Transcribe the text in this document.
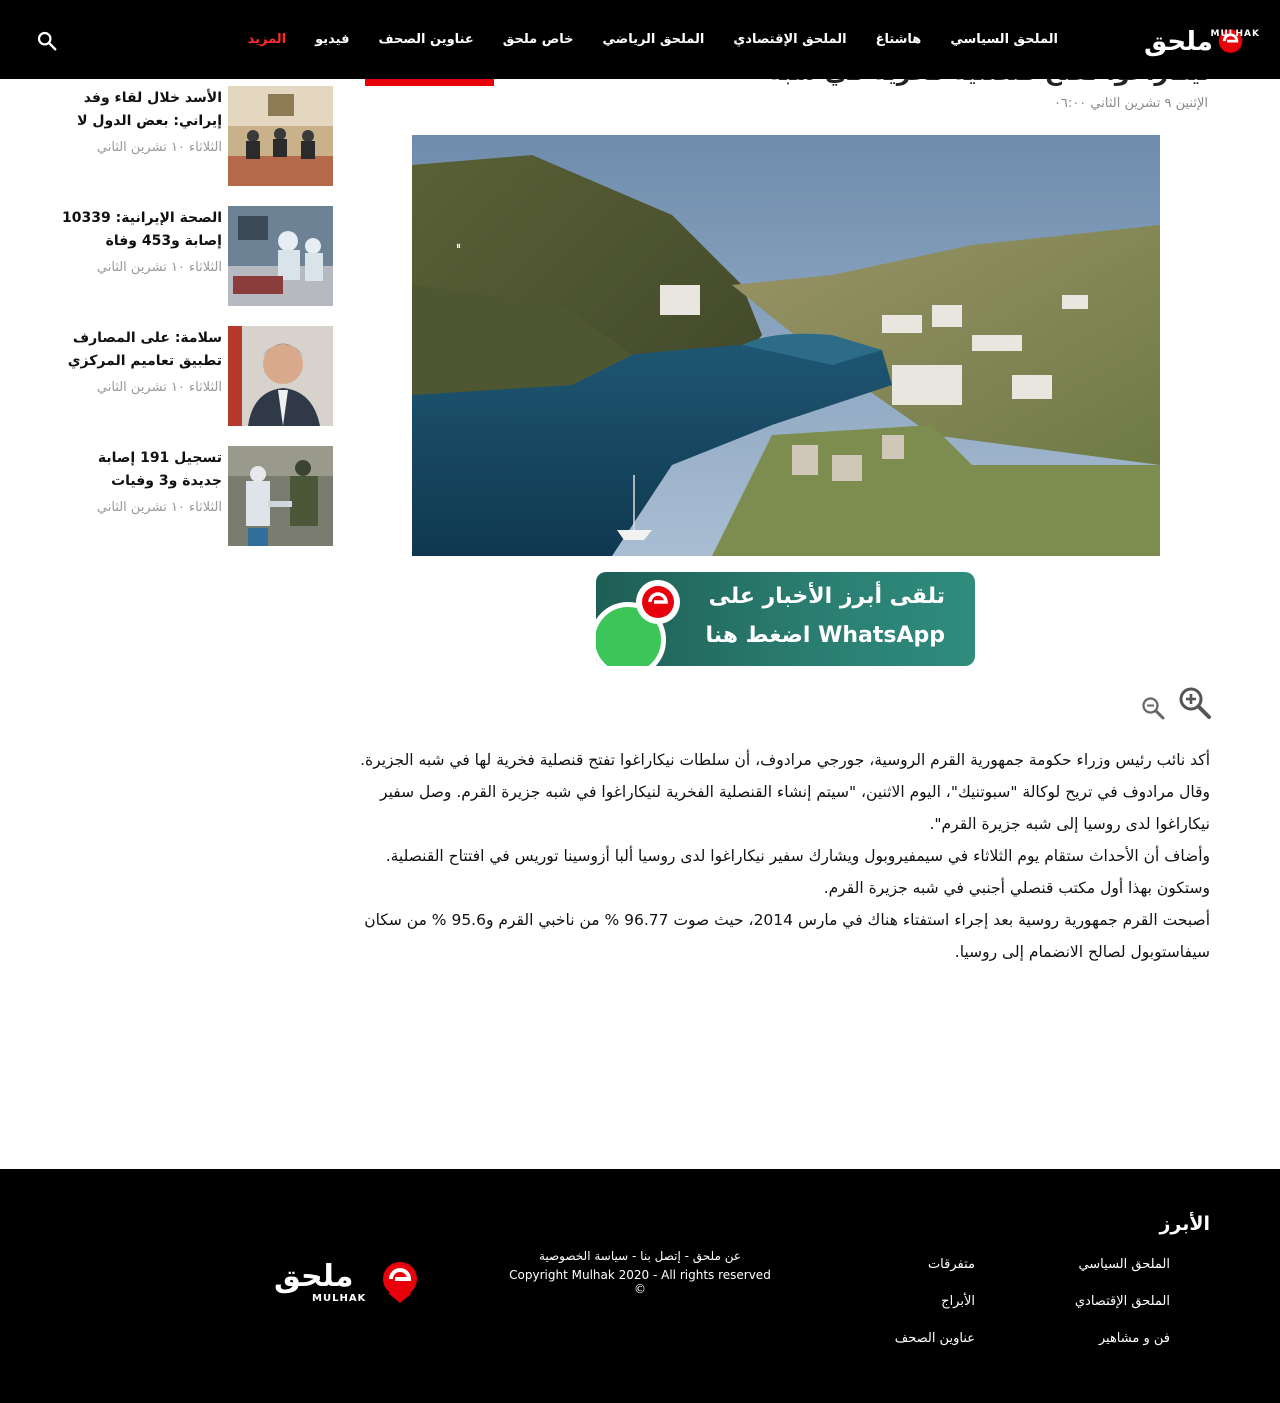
ملحق
MULHAK
الملحق السياسي
هاشتاغ
الملحق الإقتصادي
الملحق الرياضي
خاص ملحق
عناوين الصحف
فيديو
المزيد
الإثنين ٩ تشرين الثاني ٠٦:٠٠
⏸
تلقى أبرز الأخبار على
WhatsApp اضغط هنا

أكد نائب رئيس وزراء حكومة جمهورية القرم الروسية، جورجي مرادوف، أن سلطات نيكاراغوا تفتح قنصلية فخرية لها في شبه الجزيرة.

وقال مرادوف في تريح لوكالة "سبوتنيك"، اليوم الاثنين، "سيتم إنشاء القنصلية الفخرية لنيكاراغوا في شبه جزيرة القرم. وصل سفير نيكاراغوا لدى روسيا إلى شبه جزيرة القرم".

وأضاف أن الأحداث ستقام يوم الثلاثاء في سيمفيروبول ويشارك سفير نيكاراغوا لدى روسيا ألبا أزوسينا توريس في افتتاح القنصلية.

وستكون بهذا أول مكتب قنصلي أجنبي في شبه جزيرة القرم.

أصبحت القرم جمهورية روسية بعد إجراء استفتاء هناك في مارس 2014، حيث صوت 96.77 % من ناخبي القرم و95.6 % من سكان سيفاستوبول لصالح الانضمام إلى روسيا.

الأسد خلال لقاء وفد إيراني: بعض الدول لا
الثلاثاء ١٠ تشرين الثاني
الصحة الإيرانية: 10339 إصابة و453 وفاة
الثلاثاء ١٠ تشرين الثاني
سلامة: على المصارف تطبيق تعاميم المركزي
الثلاثاء ١٠ تشرين الثاني
تسجيل 191 إصابة جديدة و3 وفيات
الثلاثاء ١٠ تشرين الثاني
الأبرز
الملحق السياسي
الملحق الإقتصادي
فن و مشاهير
متفرقات
الأبراج
عناوين الصحف
عن ملحق - إتصل بنا - سياسة الخصوصية
Copyright Mulhak 2020 - All rights reserved ©
ملحق
MULHAK
